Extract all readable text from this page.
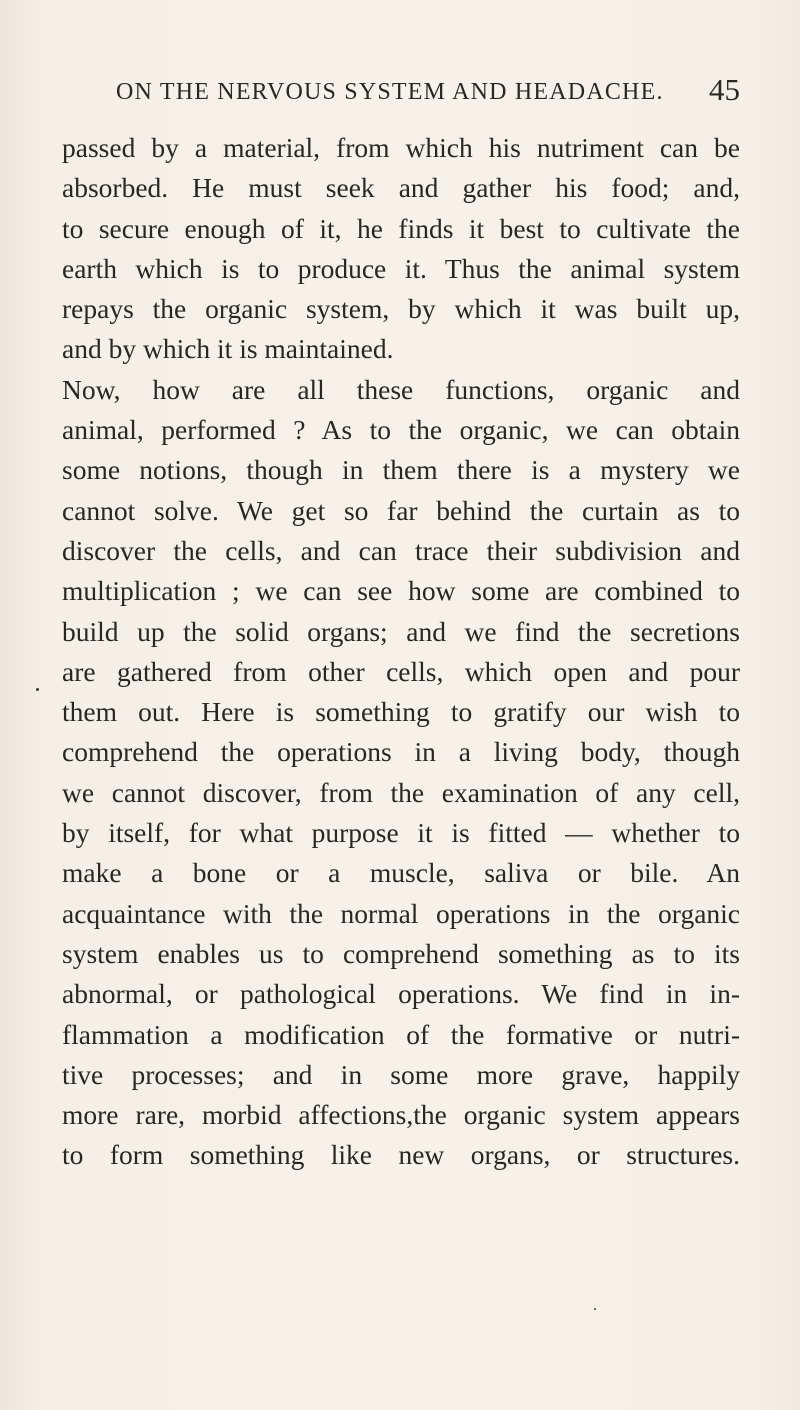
ON THE NERVOUS SYSTEM AND HEADACHE. 45
passed by a material, from which his nutriment can be
absorbed. He must seek and gather his food; and,
to secure enough of it, he finds it best to cultivate the
earth which is to produce it. Thus the animal system
repays the organic system, by which it was built up,
and by which it is maintained.
Now, how are all these functions, organic and
animal, performed ? As to the organic, we can obtain
some notions, though in them there is a mystery we
cannot solve. We get so far behind the curtain as to
discover the cells, and can trace their subdivision and
multiplication ; we can see how some are combined to
build up the solid organs; and we find the secretions
are gathered from other cells, which open and pour
them out. Here is something to gratify our wish to
comprehend the operations in a living body, though
we cannot discover, from the examination of any cell,
by itself, for what purpose it is fitted — whether to
make a bone or a muscle, saliva or bile. An
acquaintance with the normal operations in the organic
system enables us to comprehend something as to its
abnormal, or pathological operations. We find in in-
flammation a modification of the formative or nutri-
tive processes; and in some more grave, happily
more rare, morbid affections,the organic system appears
to form something like new organs, or structures.
